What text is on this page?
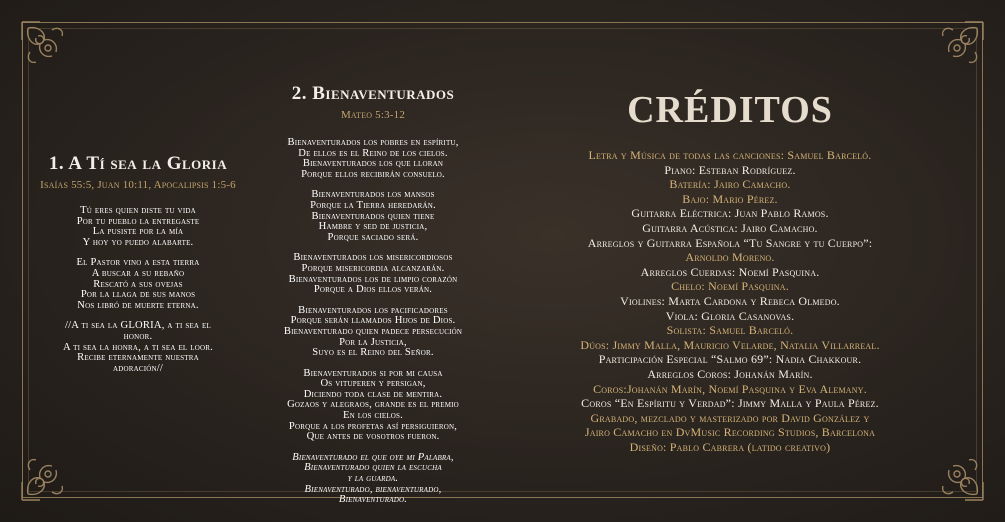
1. A Tí sea la Gloria
Isaías 55:5, Juan 10:11, Apocalipsis 1:5-6
Tú eres quien diste tu vida
Por tu pueblo la entregaste
La pusiste por la mía
Y hoy yo puedo alabarte.
El Pastor vino a esta tierra
A buscar a su rebaño
Rescató a sus ovejas
Por la llaga de sus manos
Nos libró de muerte eterna.
//A ti sea la GLORIA, a ti sea el
honor.
A ti sea la honra, a ti sea el loor.
Recibe eternamente nuestra
adoración//
2. Bienaventurados
Mateo 5:3-12
Bienaventurados los pobres en espíritu,
De ellos es el Reino de los cielos.
Bienaventurados los que lloran
Porque ellos recibirán consuelo.
Bienaventurados los mansos
Porque la Tierra heredarán.
Bienaventurados quien tiene
Hambre y sed de justicia,
Porque saciado será.
Bienaventurados los misericordiosos
Porque misericordia alcanzarán.
Bienaventurados los de limpio corazón
Porque a Dios ellos verán.
Bienaventurados los pacificadores
Porque serán llamados Hijos de Dios.
Bienaventurado quien padece persecución
Por la Justicia,
Suyo es el Reino del Señor.
Bienaventurados si por mi causa
Os vituperen y persigan,
Diciendo toda clase de mentira.
Gozaos y alegraos, grande es el premio
En los cielos.
Porque a los profetas así persiguieron,
Que antes de vosotros fueron.
Bienaventurado el que oye mi Palabra,
Bienaventurado quien la escucha
y la guarda.
Bienaventurado, bienaventurado,
Bienaventurado.
CRÉDITOS
Letra y Música de todas las canciones: Samuel Barceló.
Piano: Esteban Rodríguez.
Batería: Jairo Camacho.
Bajo: Mario Pérez.
Guitarra Eléctrica: Juan Pablo Ramos.
Guitarra Acústica: Jairo Camacho.
Arreglos y Guitarra Española “Tu Sangre y tu Cuerpo”:
Arnoldo Moreno.
Arreglos Cuerdas: Noemí Pasquina.
Chelo: Noemí Pasquina.
Violines: Marta Cardona y Rebeca Olmedo.
Viola: Gloria Casanovas.
Solista: Samuel Barceló.
Dúos: Jimmy Malla, Mauricio Velarde, Natalia Villarreal.
Participación Especial “Salmo 69”: Nadia Chakkour.
Arreglos Coros: Johanán Marín.
Coros:Johanán Marín, Noemí Pasquina y Eva Alemany.
Coros “En Espíritu y Verdad”: Jimmy Malla y Paula Pérez.
Grabado, mezclado y masterizado por David González y
Jairo Camacho en DvMusic Recording Studios, Barcelona
Diseño: Pablo Cabrera (latido creativo)
